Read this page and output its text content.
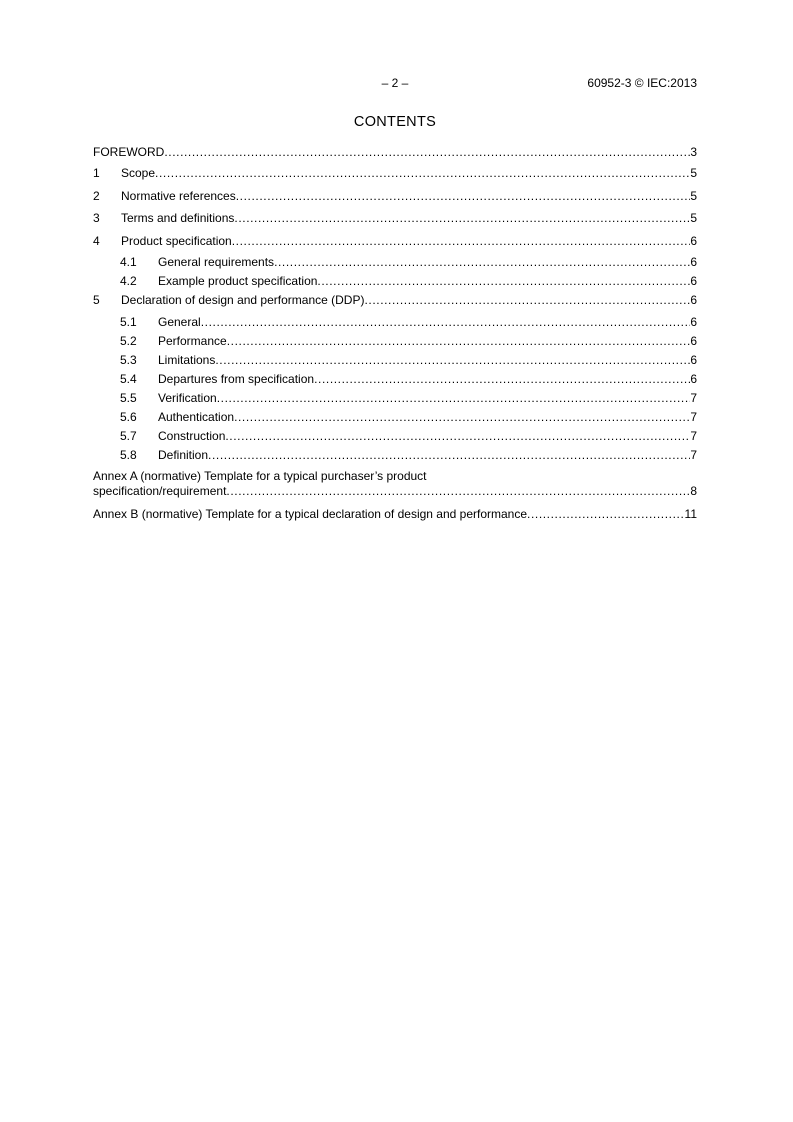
– 2 –	60952-3 © IEC:2013
CONTENTS
FOREWORD .....	3
1	Scope .....	5
2	Normative references .....	5
3	Terms and definitions .....	5
4	Product specification .....	6
4.1	General requirements .....	6
4.2	Example product specification .....	6
5	Declaration of design and performance (DDP) .....	6
5.1	General .....	6
5.2	Performance .....	6
5.3	Limitations .....	6
5.4	Departures from specification .....	6
5.5	Verification .....	7
5.6	Authentication .....	7
5.7	Construction .....	7
5.8	Definition .....	7
Annex A (normative) Template for a typical purchaser’s product
specification/requirement .....	8
Annex B (normative) Template for a typical declaration of design and performance .....	11
